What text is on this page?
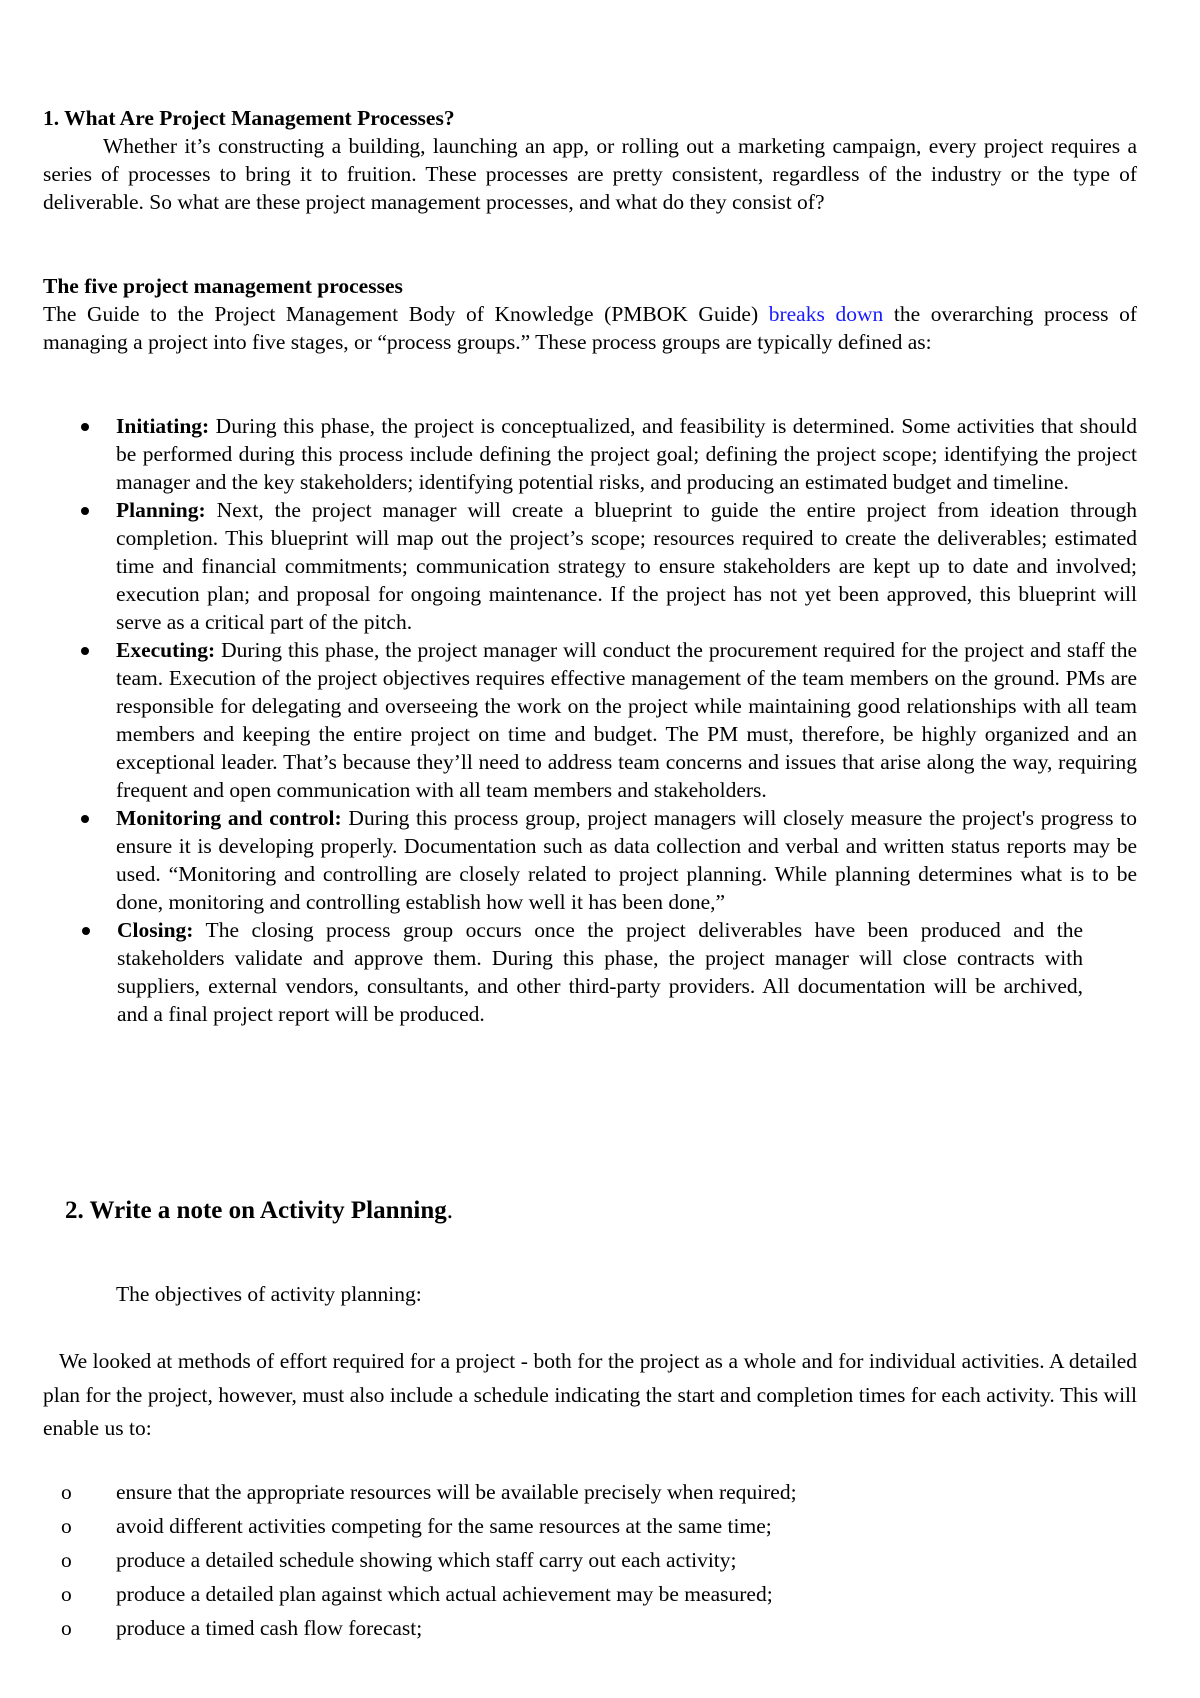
1. What Are Project Management Processes?
Whether it’s constructing a building, launching an app, or rolling out a marketing campaign, every project requires a series of processes to bring it to fruition. These processes are pretty consistent, regardless of the industry or the type of deliverable. So what are these project management processes, and what do they consist of?
The five project management processes
The Guide to the Project Management Body of Knowledge (PMBOK Guide) breaks down the overarching process of managing a project into five stages, or “process groups.” These process groups are typically defined as:
Initiating: During this phase, the project is conceptualized, and feasibility is determined. Some activities that should be performed during this process include defining the project goal; defining the project scope; identifying the project manager and the key stakeholders; identifying potential risks, and producing an estimated budget and timeline.
Planning: Next, the project manager will create a blueprint to guide the entire project from ideation through completion. This blueprint will map out the project’s scope; resources required to create the deliverables; estimated time and financial commitments; communication strategy to ensure stakeholders are kept up to date and involved; execution plan; and proposal for ongoing maintenance. If the project has not yet been approved, this blueprint will serve as a critical part of the pitch.
Executing: During this phase, the project manager will conduct the procurement required for the project and staff the team. Execution of the project objectives requires effective management of the team members on the ground. PMs are responsible for delegating and overseeing the work on the project while maintaining good relationships with all team members and keeping the entire project on time and budget. The PM must, therefore, be highly organized and an exceptional leader. That’s because they’ll need to address team concerns and issues that arise along the way, requiring frequent and open communication with all team members and stakeholders.
Monitoring and control: During this process group, project managers will closely measure the project's progress to ensure it is developing properly. Documentation such as data collection and verbal and written status reports may be used. “Monitoring and controlling are closely related to project planning. While planning determines what is to be done, monitoring and controlling establish how well it has been done,”
Closing: The closing process group occurs once the project deliverables have been produced and the stakeholders validate and approve them. During this phase, the project manager will close contracts with suppliers, external vendors, consultants, and other third-party providers. All documentation will be archived, and a final project report will be produced.
2. Write a note on Activity Planning.
The objectives of activity planning:
We looked at methods of effort required for a project - both for the project as a whole and for individual activities. A detailed plan for the project, however, must also include a schedule indicating the start and completion times for each activity. This will enable us to:
o ensure that the appropriate resources will be available precisely when required;
o avoid different activities competing for the same resources at the same time;
o produce a detailed schedule showing which staff carry out each activity;
o produce a detailed plan against which actual achievement may be measured;
o produce a timed cash flow forecast;
